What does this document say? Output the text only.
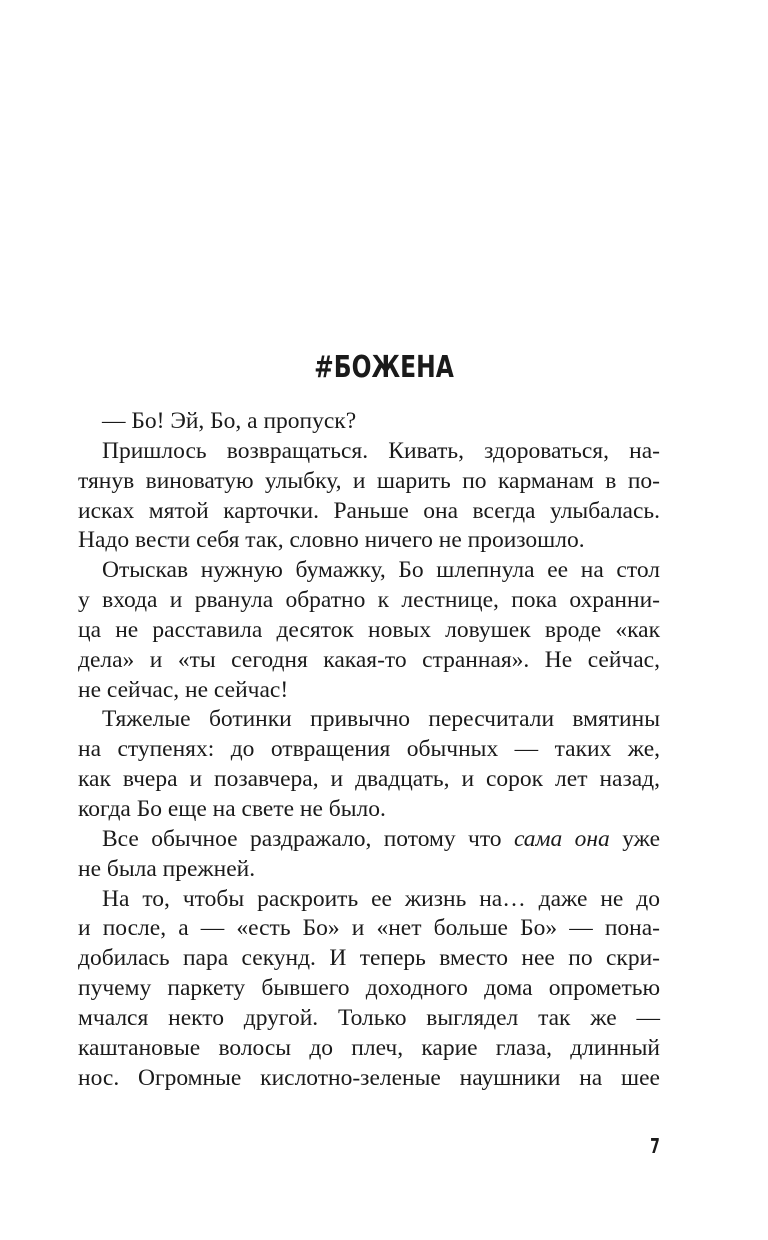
#БОЖЕНА

— Бо! Эй, Бо, а пропуск?

Пришлось возвращаться. Кивать, здороваться, на-
тянув виноватую улыбку, и шарить по карманам в по-
исках мятой карточки. Раньше она всегда улыбалась.
Надо вести себя так, словно ничего не произошло.

Отыскав нужную бумажку, Бо шлепнула ее на стол
у входа и рванула обратно к лестнице, пока охранни-
ца не расставила десяток новых ловушек вроде «как
дела» и «ты сегодня какая-то странная». Не сейчас,
не сейчас, не сейчас!

Тяжелые ботинки привычно пересчитали вмятины
на ступенях: до отвращения обычных — таких же,
как вчера и позавчера, и двадцать, и сорок лет назад,
когда Бо еще на свете не было.

Все обычное раздражало, потому что сама она уже
не была прежней.

На то, чтобы раскроить ее жизнь на… даже не до
и после, а — «есть Бо» и «нет больше Бо» — пона-
добилась пара секунд. И теперь вместо нее по скри-
пучему паркету бывшего доходного дома опрометью
мчался некто другой. Только выглядел так же —
каштановые волосы до плеч, карие глаза, длинный
нос. Огромные кислотно-зеленые наушники на шее

7
